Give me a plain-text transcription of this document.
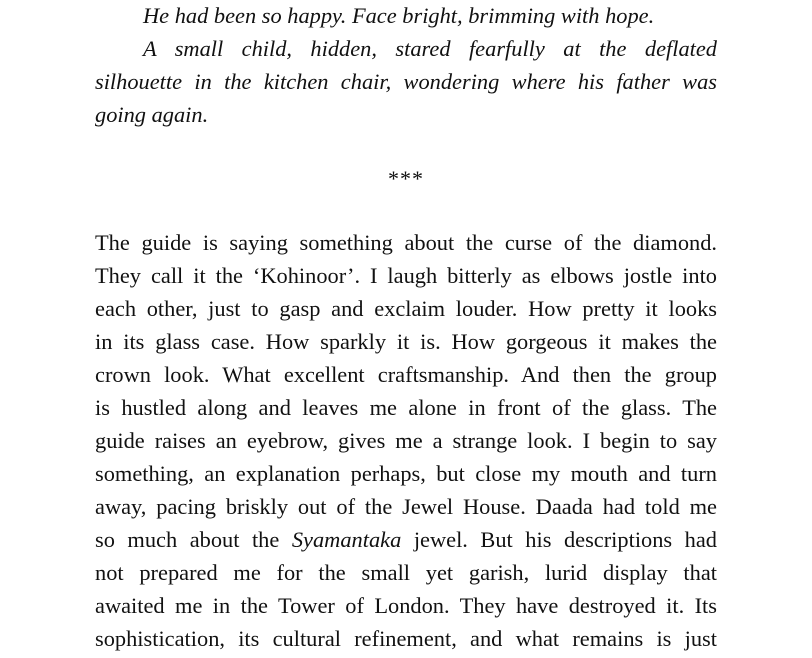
He had been so happy. Face bright, brimming with hope.
A small child, hidden, stared fearfully at the deflated
silhouette in the kitchen chair, wondering where his father was
going again.
***
The guide is saying something about the curse of the diamond.
They call it the ‘Kohinoor’. I laugh bitterly as elbows jostle into
each other, just to gasp and exclaim louder. How pretty it looks
in its glass case. How sparkly it is. How gorgeous it makes the
crown look. What excellent craftsmanship. And then the group
is hustled along and leaves me alone in front of the glass. The
guide raises an eyebrow, gives me a strange look. I begin to say
something, an explanation perhaps, but close my mouth and turn
away, pacing briskly out of the Jewel House. Daada had told me
so much about the Syamantaka jewel. But his descriptions had
not prepared me for the small yet garish, lurid display that
awaited me in the Tower of London. They have destroyed it. Its
sophistication, its cultural refinement, and what remains is just
